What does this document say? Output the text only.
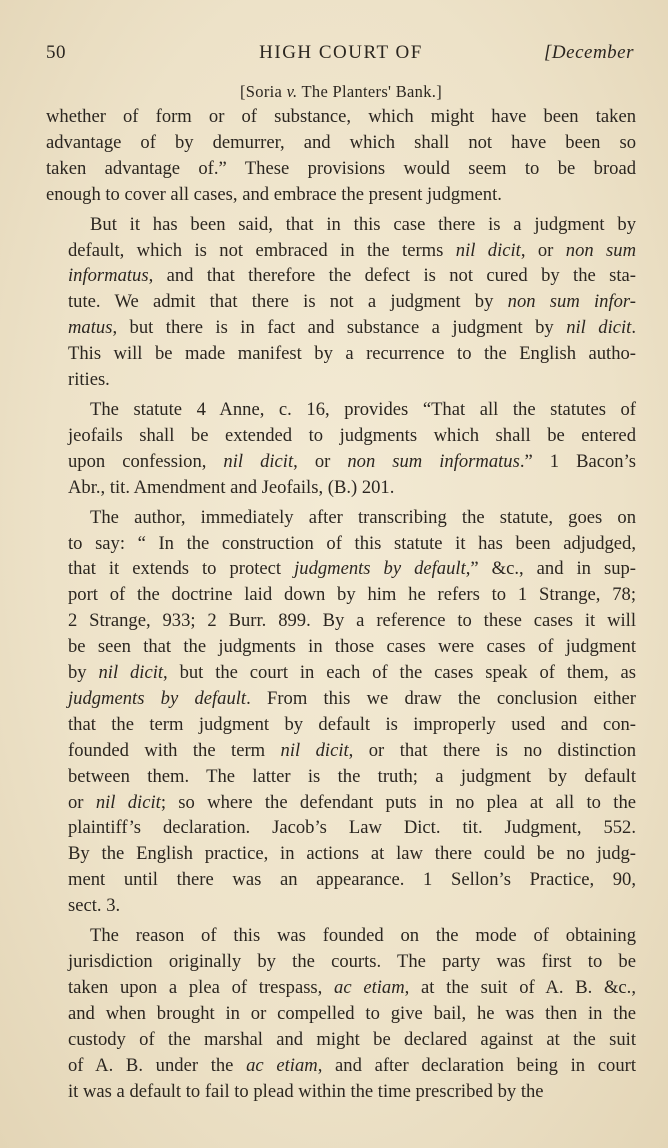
50	HIGH COURT OF	[December
[Soria v. The Planters' Bank.]

whether of form or of substance, which might have been taken
advantage of by demurrer, and which shall not have been so
taken advantage of.” These provisions would seem to be broad
enough to cover all cases, and embrace the present judgment.

But it has been said, that in this case there is a judgment by
default, which is not embraced in the terms nil dicit, or non sum
informatus, and that therefore the defect is not cured by the sta-
tute. We admit that there is not a judgment by non sum infor-
matus, but there is in fact and substance a judgment by nil dicit.
This will be made manifest by a recurrence to the English autho-
rities.

The statute 4 Anne, c. 16, provides “That all the statutes of
jeofails shall be extended to judgments which shall be entered
upon confession, nil dicit, or non sum informatus.” 1 Bacon’s
Abr., tit. Amendment and Jeofails, (B.) 201.

The author, immediately after transcribing the statute, goes on
to say: “ In the construction of this statute it has been adjudged,
that it extends to protect judgments by default,” &c., and in sup-
port of the doctrine laid down by him he refers to 1 Strange, 78;
2 Strange, 933; 2 Burr. 899. By a reference to these cases it will
be seen that the judgments in those cases were cases of judgment
by nil dicit, but the court in each of the cases speak of them, as
judgments by default. From this we draw the conclusion either
that the term judgment by default is improperly used and con-
founded with the term nil dicit, or that there is no distinction
between them. The latter is the truth; a judgment by default
or nil dicit; so where the defendant puts in no plea at all to the
plaintiff’s declaration. Jacob’s Law Dict. tit. Judgment, 552.
By the English practice, in actions at law there could be no judg-
ment until there was an appearance. 1 Sellon’s Practice, 90,
sect. 3.

The reason of this was founded on the mode of obtaining
jurisdiction originally by the courts. The party was first to be
taken upon a plea of trespass, ac etiam, at the suit of A. B. &c.,
and when brought in or compelled to give bail, he was then in the
custody of the marshal and might be declared against at the suit
of A. B. under the ac etiam, and after declaration being in court
it was a default to fail to plead within the time prescribed by the
